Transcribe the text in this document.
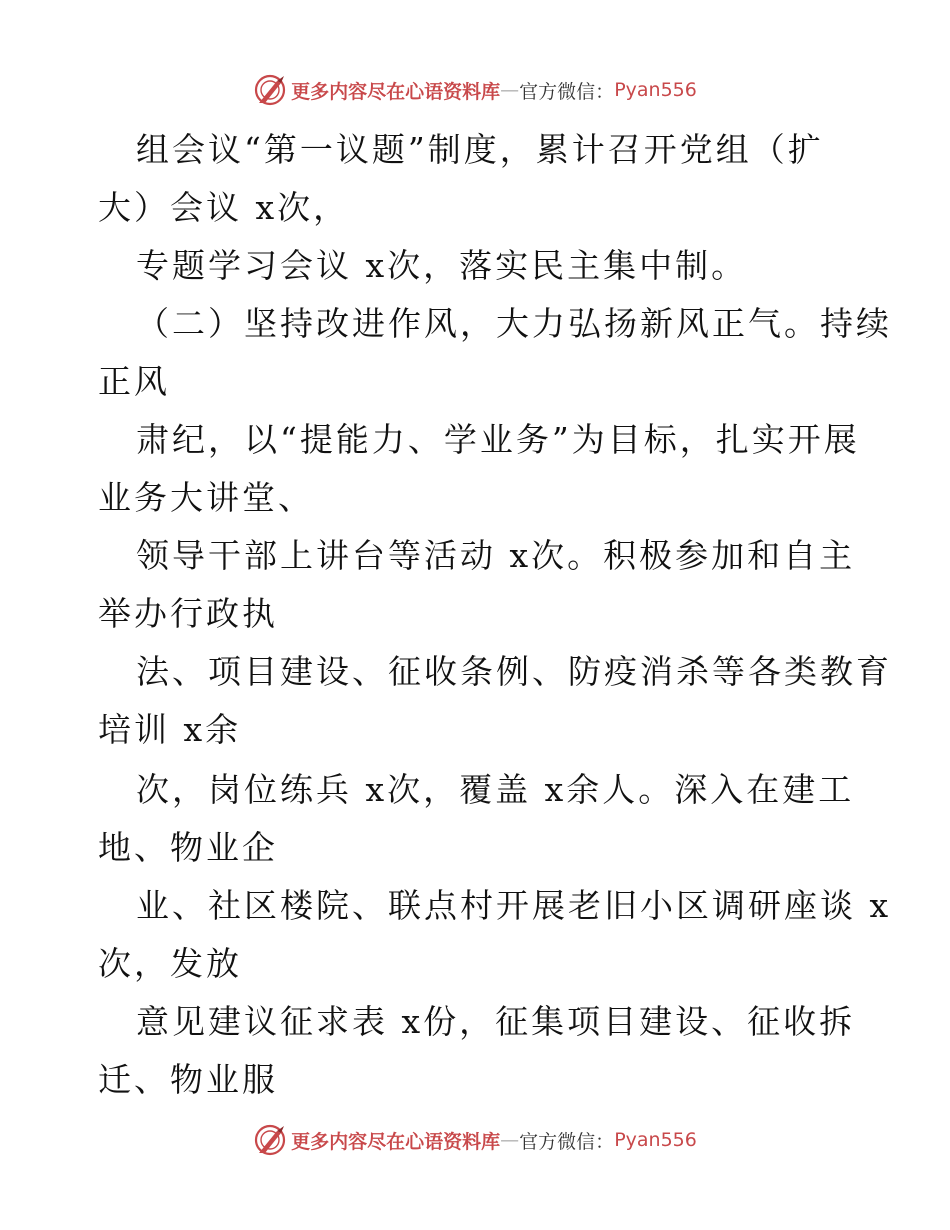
更多内容尽在心语资料库 — 官方微信： Pyan556
组会议“第一议题”制度，累计召开党组（扩
大）会议 x次，
专题学习会议 x次，落实民主集中制。
（二）坚持改进作风，大力弘扬新风正气。持续
正风
肃纪，以“提能力、学业务”为目标，扎实开展
业务大讲堂、
领导干部上讲台等活动 x次。积极参加和自主
举办行政执
法、项目建设、征收条例、防疫消杀等各类教育
培训 x余
次，岗位练兵 x次，覆盖 x余人。深入在建工
地、物业企
业、社区楼院、联点村开展老旧小区调研座谈 x
次，发放
意见建议征求表 x份，征集项目建设、征收拆
迁、物业服
更多内容尽在心语资料库 — 官方微信： Pyan556
